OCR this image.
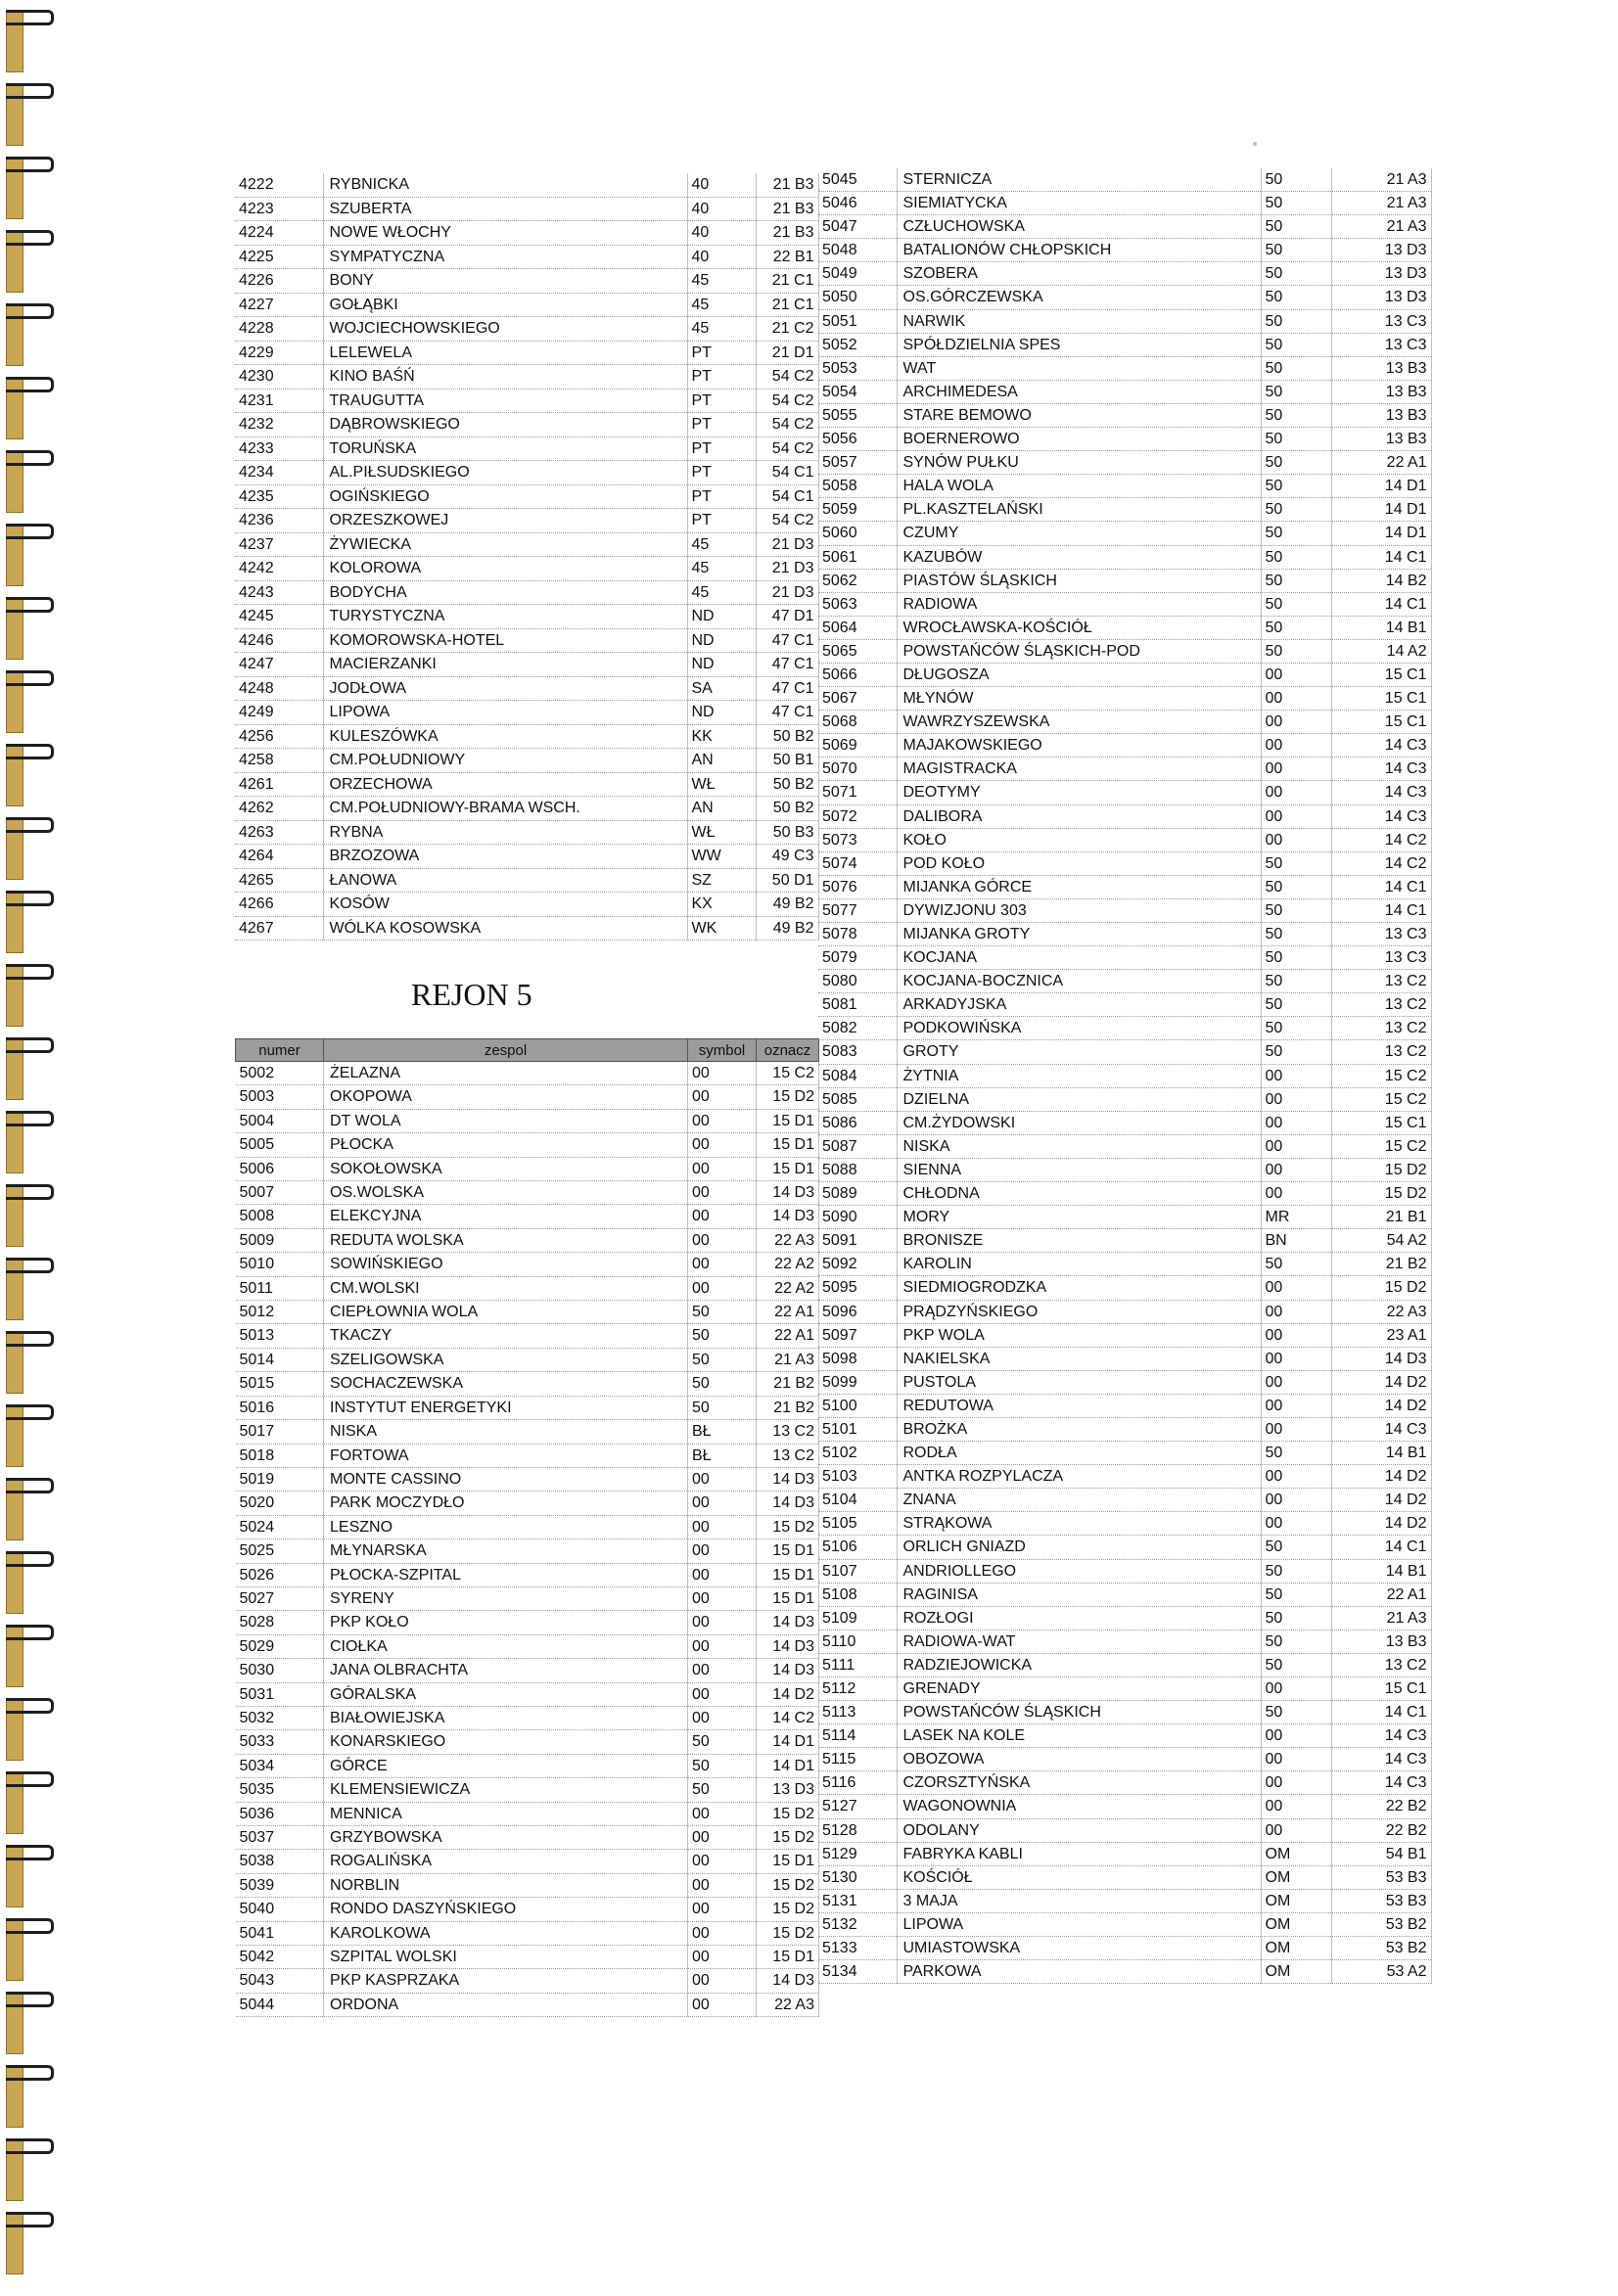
4222	RYBNICKA	40	21 B3
4223	SZUBERTA	40	21 B3
4224	NOWE WŁOCHY	40	21 B3
4225	SYMPATYCZNA	40	22 B1
4226	BONY	45	21 C1
4227	GOŁĄBKI	45	21 C1
4228	WOJCIECHOWSKIEGO	45	21 C2
4229	LELEWELA	PT	21 D1
4230	KINO BAŚŃ	PT	54 C2
4231	TRAUGUTTA	PT	54 C2
4232	DĄBROWSKIEGO	PT	54 C2
4233	TORUŃSKA	PT	54 C2
4234	AL.PIŁSUDSKIEGO	PT	54 C1
4235	OGIŃSKIEGO	PT	54 C1
4236	ORZESZKOWEJ	PT	54 C2
4237	ŻYWIECKA	45	21 D3
4242	KOLOROWA	45	21 D3
4243	BODYCHA	45	21 D3
4245	TURYSTYCZNA	ND	47 D1
4246	KOMOROWSKA-HOTEL	ND	47 C1
4247	MACIERZANKI	ND	47 C1
4248	JODŁOWA	SA	47 C1
4249	LIPOWA	ND	47 C1
4256	KULESZÓWKA	KK	50 B2
4258	CM.POŁUDNIOWY	AN	50 B1
4261	ORZECHOWA	WŁ	50 B2
4262	CM.POŁUDNIOWY-BRAMA WSCH.	AN	50 B2
4263	RYBNA	WŁ	50 B3
4264	BRZOZOWA	WW	49 C3
4265	ŁANOWA	SZ	50 D1
4266	KOSÓW	KX	49 B2
4267	WÓLKA KOSOWSKA	WK	49 B2
REJON 5
numer	zespol	symbol	oznacz
5002	ŻELAZNA	00	15 C2
5003	OKOPOWA	00	15 D2
5004	DT WOLA	00	15 D1
5005	PŁOCKA	00	15 D1
5006	SOKOŁOWSKA	00	15 D1
5007	OS.WOLSKA	00	14 D3
5008	ELEKCYJNA	00	14 D3
5009	REDUTA WOLSKA	00	22 A3
5010	SOWIŃSKIEGO	00	22 A2
5011	CM.WOLSKI	00	22 A2
5012	CIEPŁOWNIA WOLA	50	22 A1
5013	TKACZY	50	22 A1
5014	SZELIGOWSKA	50	21 A3
5015	SOCHACZEWSKA	50	21 B2
5016	INSTYTUT ENERGETYKI	50	21 B2
5017	NISKA	BŁ	13 C2
5018	FORTOWA	BŁ	13 C2
5019	MONTE CASSINO	00	14 D3
5020	PARK MOCZYDŁO	00	14 D3
5024	LESZNO	00	15 D2
5025	MŁYNARSKA	00	15 D1
5026	PŁOCKA-SZPITAL	00	15 D1
5027	SYRENY	00	15 D1
5028	PKP KOŁO	00	14 D3
5029	CIOŁKA	00	14 D3
5030	JANA OLBRACHTA	00	14 D3
5031	GÓRALSKA	00	14 D2
5032	BIAŁOWIEJSKA	00	14 C2
5033	KONARSKIEGO	50	14 D1
5034	GÓRCE	50	14 D1
5035	KLEMENSIEWICZA	50	13 D3
5036	MENNICA	00	15 D2
5037	GRZYBOWSKA	00	15 D2
5038	ROGALIŃSKA	00	15 D1
5039	NORBLIN	00	15 D2
5040	RONDO DASZYŃSKIEGO	00	15 D2
5041	KAROLKOWA	00	15 D2
5042	SZPITAL WOLSKI	00	15 D1
5043	PKP KASPRZAKA	00	14 D3
5044	ORDONA	00	22 A3
5045	STERNICZA	50	21 A3
5046	SIEMIATYCKA	50	21 A3
5047	CZŁUCHOWSKA	50	21 A3
5048	BATALIONÓW CHŁOPSKICH	50	13 D3
5049	SZOBERA	50	13 D3
5050	OS.GÓRCZEWSKA	50	13 D3
5051	NARWIK	50	13 C3
5052	SPÓŁDZIELNIA SPES	50	13 C3
5053	WAT	50	13 B3
5054	ARCHIMEDESA	50	13 B3
5055	STARE BEMOWO	50	13 B3
5056	BOERNEROWO	50	13 B3
5057	SYNÓW PUŁKU	50	22 A1
5058	HALA WOLA	50	14 D1
5059	PL.KASZTELAŃSKI	50	14 D1
5060	CZUMY	50	14 D1
5061	KAZUBÓW	50	14 C1
5062	PIASTÓW ŚLĄSKICH	50	14 B2
5063	RADIOWA	50	14 C1
5064	WROCŁAWSKA-KOŚCIÓŁ	50	14 B1
5065	POWSTAŃCÓW ŚLĄSKICH-POD	50	14 A2
5066	DŁUGOSZA	00	15 C1
5067	MŁYNÓW	00	15 C1
5068	WAWRZYSZEWSKA	00	15 C1
5069	MAJAKOWSKIEGO	00	14 C3
5070	MAGISTRACKA	00	14 C3
5071	DEOTYMY	00	14 C3
5072	DALIBORA	00	14 C3
5073	KOŁO	00	14 C2
5074	POD KOŁO	50	14 C2
5076	MIJANKA GÓRCE	50	14 C1
5077	DYWIZJONU 303	50	14 C1
5078	MIJANKA GROTY	50	13 C3
5079	KOCJANA	50	13 C3
5080	KOCJANA-BOCZNICA	50	13 C2
5081	ARKADYJSKA	50	13 C2
5082	PODKOWIŃSKA	50	13 C2
5083	GROTY	50	13 C2
5084	ŻYTNIA	00	15 C2
5085	DZIELNA	00	15 C2
5086	CM.ŻYDOWSKI	00	15 C1
5087	NISKA	00	15 C2
5088	SIENNA	00	15 D2
5089	CHŁODNA	00	15 D2
5090	MORY	MR	21 B1
5091	BRONISZE	BN	54 A2
5092	KAROLIN	50	21 B2
5095	SIEDMIOGRODZKA	00	15 D2
5096	PRĄDZYŃSKIEGO	00	22 A3
5097	PKP WOLA	00	23 A1
5098	NAKIELSKA	00	14 D3
5099	PUSTOLA	00	14 D2
5100	REDUTOWA	00	14 D2
5101	BROŻKA	00	14 C3
5102	RODŁA	50	14 B1
5103	ANTKA ROZPYLACZA	00	14 D2
5104	ZNANA	00	14 D2
5105	STRĄKOWA	00	14 D2
5106	ORLICH GNIAZD	50	14 C1
5107	ANDRIOLLEGO	50	14 B1
5108	RAGINISA	50	22 A1
5109	ROZŁOGI	50	21 A3
5110	RADIOWA-WAT	50	13 B3
5111	RADZIEJOWICKA	50	13 C2
5112	GRENADY	00	15 C1
5113	POWSTAŃCÓW ŚLĄSKICH	50	14 C1
5114	LASEK NA KOLE	00	14 C3
5115	OBOZOWA	00	14 C3
5116	CZORSZTYŃSKA	00	14 C3
5127	WAGONOWNIA	00	22 B2
5128	ODOLANY	00	22 B2
5129	FABRYKA KABLI	OM	54 B1
5130	KOŚCIÓŁ	OM	53 B3
5131	3 MAJA	OM	53 B3
5132	LIPOWA	OM	53 B2
5133	UMIASTOWSKA	OM	53 B2
5134	PARKOWA	OM	53 A2
